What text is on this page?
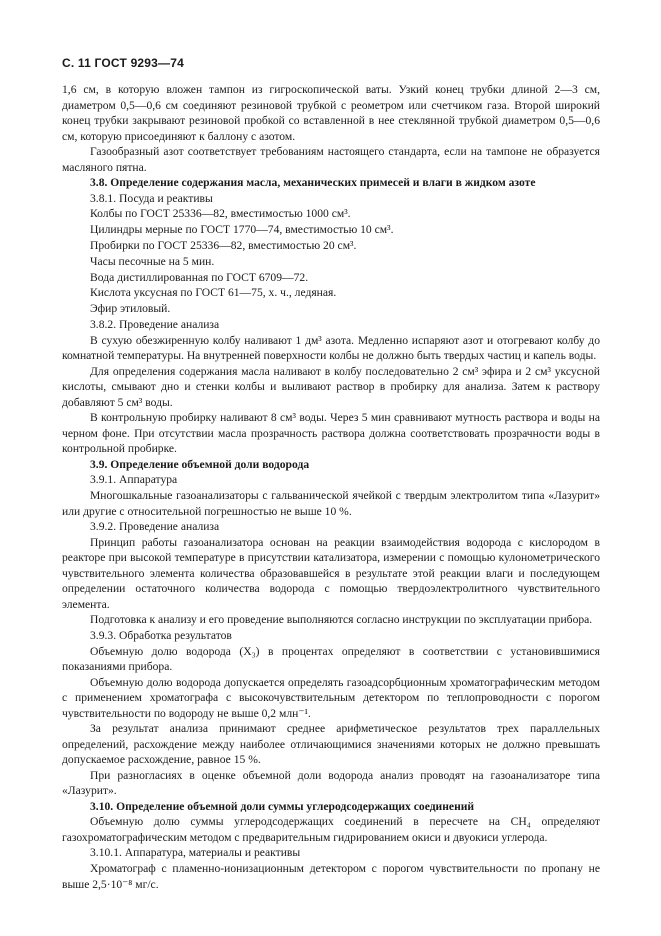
С. 11 ГОСТ 9293—74

1,6 см, в которую вложен тампон из гигроскопической ваты. Узкий конец трубки длиной 2—3 см, диаметром 0,5—0,6 см соединяют резиновой трубкой с реометром или счетчиком газа. Второй широкий конец трубки закрывают резиновой пробкой со вставленной в нее стеклянной трубкой диаметром 0,5—0,6 см, которую присоединяют к баллону с азотом.

Газообразный азот соответствует требованиям настоящего стандарта, если на тампоне не образуется масляного пятна.

3.8. Определение содержания масла, механических примесей и влаги в жидком азоте

3.8.1. Посуда и реактивы

Колбы по ГОСТ 25336—82, вместимостью 1000 см³.

Цилиндры мерные по ГОСТ 1770—74, вместимостью 10 см³.

Пробирки по ГОСТ 25336—82, вместимостью 20 см³.

Часы песочные на 5 мин.

Вода дистиллированная по ГОСТ 6709—72.

Кислота уксусная по ГОСТ 61—75, х. ч., ледяная.

Эфир этиловый.

3.8.2. Проведение анализа

В сухую обезжиренную колбу наливают 1 дм³ азота. Медленно испаряют азот и отогревают колбу до комнатной температуры. На внутренней поверхности колбы не должно быть твердых частиц и капель воды.

Для определения содержания масла наливают в колбу последовательно 2 см³ эфира и 2 см³ уксусной кислоты, смывают дно и стенки колбы и выливают раствор в пробирку для анализа. Затем к раствору добавляют 5 см³ воды.

В контрольную пробирку наливают 8 см³ воды. Через 5 мин сравнивают мутность раствора и воды на черном фоне. При отсутствии масла прозрачность раствора должна соответствовать прозрачности воды в контрольной пробирке.

3.9. Определение объемной доли водорода

3.9.1. Аппаратура

Многошкальные газоанализаторы с гальванической ячейкой с твердым электролитом типа «Лазурит» или другие с относительной погрешностью не выше 10 %.

3.9.2. Проведение анализа

Принцип работы газоанализатора основан на реакции взаимодействия водорода с кислородом в реакторе при высокой температуре в присутствии катализатора, измерении с помощью кулонометрического чувствительного элемента количества образовавшейся в результате этой реакции влаги и последующем определении остаточного количества водорода с помощью твердоэлектролитного чувствительного элемента.

Подготовка к анализу и его проведение выполняются согласно инструкции по эксплуатации прибора.

3.9.3. Обработка результатов

Объемную долю водорода (X₃) в процентах определяют в соответствии с установившимися показаниями прибора.

Объемную долю водорода допускается определять газоадсорбционным хроматографическим методом с применением хроматографа с высокочувствительным детектором по теплопроводности с порогом чувствительности по водороду не выше 0,2 млн⁻¹.

За результат анализа принимают среднее арифметическое результатов трех параллельных определений, расхождение между наиболее отличающимися значениями которых не должно превышать допускаемое расхождение, равное 15 %.

При разногласиях в оценке объемной доли водорода анализ проводят на газоанализаторе типа «Лазурит».

3.10. Определение объемной доли суммы углеродсодержащих соединений

Объемную долю суммы углеродсодержащих соединений в пересчете на CH₄ определяют газохроматографическим методом с предварительным гидрированием окиси и двуокиси углерода.

3.10.1. Аппаратура, материалы и реактивы

Хроматограф с пламенно-ионизационным детектором с порогом чувствительности по пропану не выше 2,5·10⁻⁸ мг/с.
